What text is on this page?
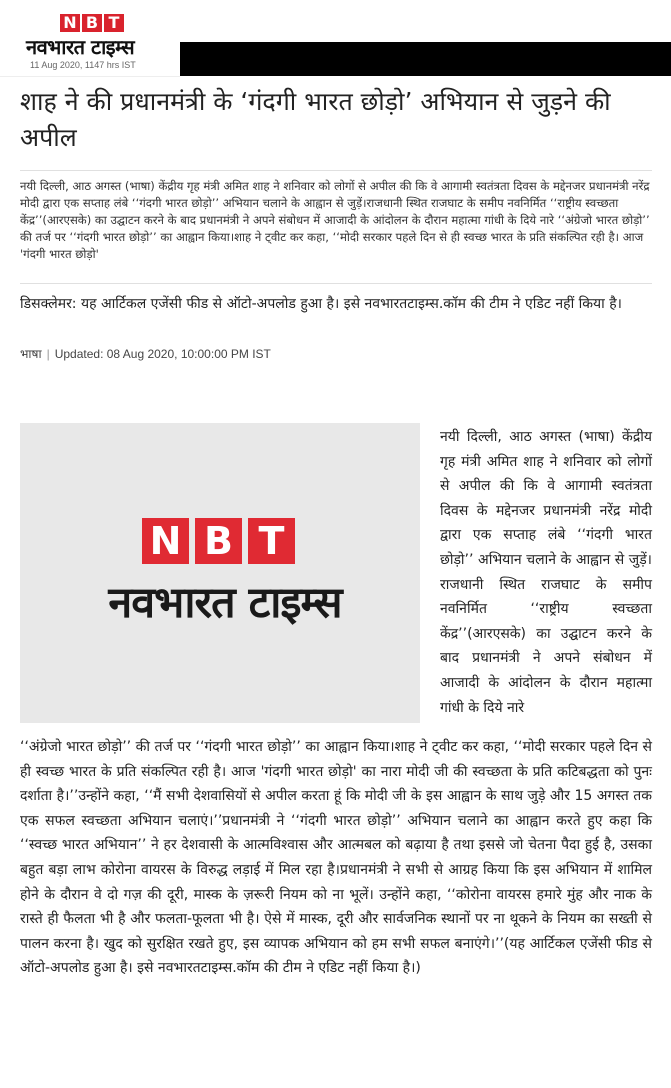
N B T
नवभारत टाइम्स
11 Aug 2020, 1147 hrs IST
शाह ने की प्रधानमंत्री के ‘गंदगी भारत छोड़ो’ अभियान से जुड़ने की अपील

नयी दिल्ली, आठ अगस्त (भाषा) केंद्रीय गृह मंत्री अमित शाह ने शनिवार को लोगों से अपील की कि वे आगामी स्वतंत्रता दिवस के मद्देनजर प्रधानमंत्री नरेंद्र मोदी द्वारा एक सप्ताह लंबे ‘‘गंदगी भारत छोड़ो’’ अभियान चलाने के आह्वान से जुड़ें।राजधानी स्थित राजघाट के समीप नवनिर्मित ‘‘राष्ट्रीय स्वच्छता केंद्र’’(आरएसके) का उद्घाटन करने के बाद प्रधानमंत्री ने अपने संबोधन में आजादी के आंदोलन के दौरान महात्मा गांधी के दिये नारे ‘‘अंग्रेजो भारत छोड़ो’’ की तर्ज पर ‘‘गंदगी भारत छोड़ो’’ का आह्वान किया।शाह ने ट्वीट कर कहा, ‘‘मोदी सरकार पहले दिन से ही स्वच्छ भारत के प्रति संकल्पित रही है। आज 'गंदगी भारत छोड़ो'

डिसक्लेमर: यह आर्टिकल एजेंसी फीड से ऑटो-अपलोड हुआ है। इसे नवभारतटाइम्स.कॉम की टीम ने एडिट नहीं किया है।

भाषा | Updated: 08 Aug 2020, 10:00:00 PM IST
N B T
नवभारत टाइम्स

नयी दिल्ली, आठ अगस्त (भाषा) केंद्रीय गृह मंत्री अमित शाह ने शनिवार को लोगों से अपील की कि वे आगामी स्वतंत्रता दिवस के मद्देनजर प्रधानमंत्री नरेंद्र मोदी द्वारा एक सप्ताह लंबे ‘‘गंदगी भारत छोड़ो’’ अभियान चलाने के आह्वान से जुड़ें।राजधानी स्थित राजघाट के समीप नवनिर्मित ‘‘राष्ट्रीय स्वच्छता केंद्र’’(आरएसके) का उद्घाटन करने के बाद प्रधानमंत्री ने अपने संबोधन में आजादी के आंदोलन के दौरान महात्मा गांधी के दिये नारे

‘‘अंग्रेजो भारत छोड़ो’’ की तर्ज पर ‘‘गंदगी भारत छोड़ो’’ का आह्वान किया।शाह ने ट्वीट कर कहा, ‘‘मोदी सरकार पहले दिन से ही स्वच्छ भारत के प्रति संकल्पित रही है। आज 'गंदगी भारत छोड़ो' का नारा मोदी जी की स्वच्छता के प्रति कटिबद्धता को पुनः दर्शाता है।’’उन्होंने कहा, ‘‘मैं सभी देशवासियों से अपील करता हूं कि मोदी जी के इस आह्वान के साथ जुड़े और 15 अगस्त तक एक सफल स्वच्छता अभियान चलाएं।’’प्रधानमंत्री ने ‘‘गंदगी भारत छोड़ो’’ अभियान चलाने का आह्वान करते हुए कहा कि ‘‘स्वच्छ भारत अभियान’’ ने हर देशवासी के आत्मविश्वास और आत्मबल को बढ़ाया है तथा इससे जो चेतना पैदा हुई है, उसका बहुत बड़ा लाभ कोरोना वायरस के विरुद्ध लड़ाई में मिल रहा है।प्रधानमंत्री ने सभी से आग्रह किया कि इस अभियान में शामिल होने के दौरान वे दो गज़ की दूरी, मास्क के ज़रूरी नियम को ना भूलें। उन्होंने कहा, ‘‘कोरोना वायरस हमारे मुंह और नाक के रास्ते ही फैलता भी है और फलता-फूलता भी है। ऐसे में मास्क, दूरी और सार्वजनिक स्थानों पर ना थूकने के नियम का सख्ती से पालन करना है। खुद को सुरक्षित रखते हुए, इस व्यापक अभियान को हम सभी सफल बनाएंगे।’’(यह आर्टिकल एजेंसी फीड से ऑटो-अपलोड हुआ है। इसे नवभारतटाइम्स.कॉम की टीम ने एडिट नहीं किया है।)
